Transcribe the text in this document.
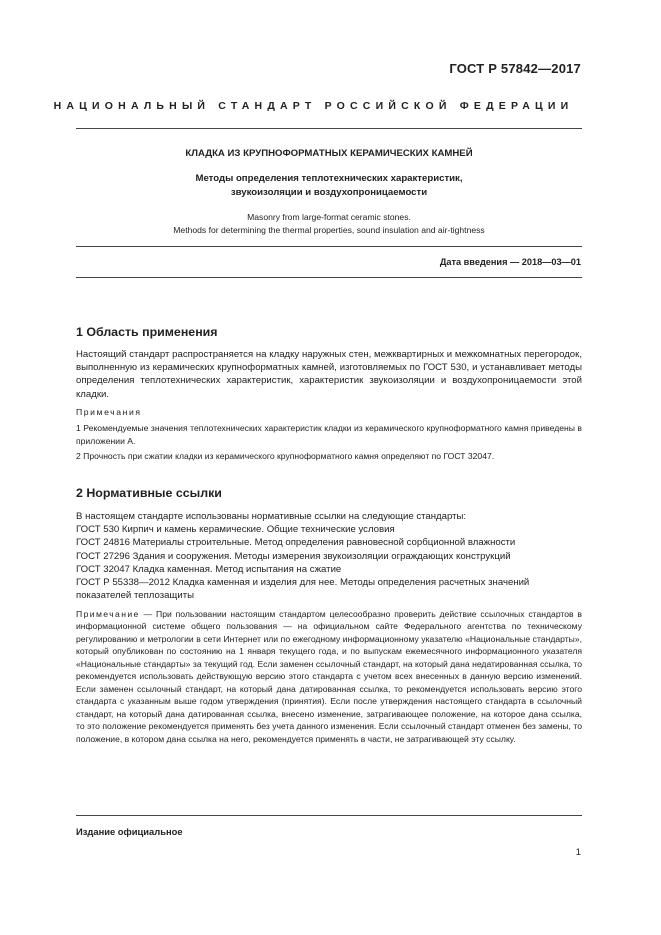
ГОСТ Р 57842—2017
НАЦИОНАЛЬНЫЙ СТАНДАРТ РОССИЙСКОЙ ФЕДЕРАЦИИ
КЛАДКА ИЗ КРУПНОФОРМАТНЫХ КЕРАМИЧЕСКИХ КАМНЕЙ
Методы определения теплотехнических характеристик,
звукоизоляции и воздухопроницаемости
Masonry from large-format ceramic stones.
Methods for determining the thermal properties, sound insulation and air-tightness
Дата введения — 2018—03—01
1 Область применения
Настоящий стандарт распространяется на кладку наружных стен, межквартирных и межкомнатных перегородок, выполненную из керамических крупноформатных камней, изготовляемых по ГОСТ 530, и устанавливает методы определения теплотехнических характеристик, характеристик звукоизоляции и воздухопроницаемости этой кладки.
Примечания
1 Рекомендуемые значения теплотехнических характеристик кладки из керамического крупноформатного камня приведены в приложении А.
2 Прочность при сжатии кладки из керамического крупноформатного камня определяют по ГОСТ 32047.
2 Нормативные ссылки
В настоящем стандарте использованы нормативные ссылки на следующие стандарты:
ГОСТ 530 Кирпич и камень керамические. Общие технические условия
ГОСТ 24816 Материалы строительные. Метод определения равновесной сорбционной влажности
ГОСТ 27296 Здания и сооружения. Методы измерения звукоизоляции ограждающих конструкций
ГОСТ 32047 Кладка каменная. Метод испытания на сжатие
ГОСТ Р 55338—2012 Кладка каменная и изделия для нее. Методы определения расчетных значений показателей теплозащиты
Примечание — При пользовании настоящим стандартом целесообразно проверить действие ссылочных стандартов в информационной системе общего пользования — на официальном сайте Федерального агентства по техническому регулированию и метрологии в сети Интернет или по ежегодному информационному указателю «Национальные стандарты», который опубликован по состоянию на 1 января текущего года, и по выпускам ежемесячного информационного указателя «Национальные стандарты» за текущий год. Если заменен ссылочный стандарт, на который дана недатированная ссылка, то рекомендуется использовать действующую версию этого стандарта с учетом всех внесенных в данную версию изменений. Если заменен ссылочный стандарт, на который дана датированная ссылка, то рекомендуется использовать версию этого стандарта с указанным выше годом утверждения (принятия). Если после утверждения настоящего стандарта в ссылочный стандарт, на который дана датированная ссылка, внесено изменение, затрагивающее положение, на которое дана ссылка, то это положение рекомендуется применять без учета данного изменения. Если ссылочный стандарт отменен без замены, то положение, в котором дана ссылка на него, рекомендуется применять в части, не затрагивающей эту ссылку.
Издание официальное
1
